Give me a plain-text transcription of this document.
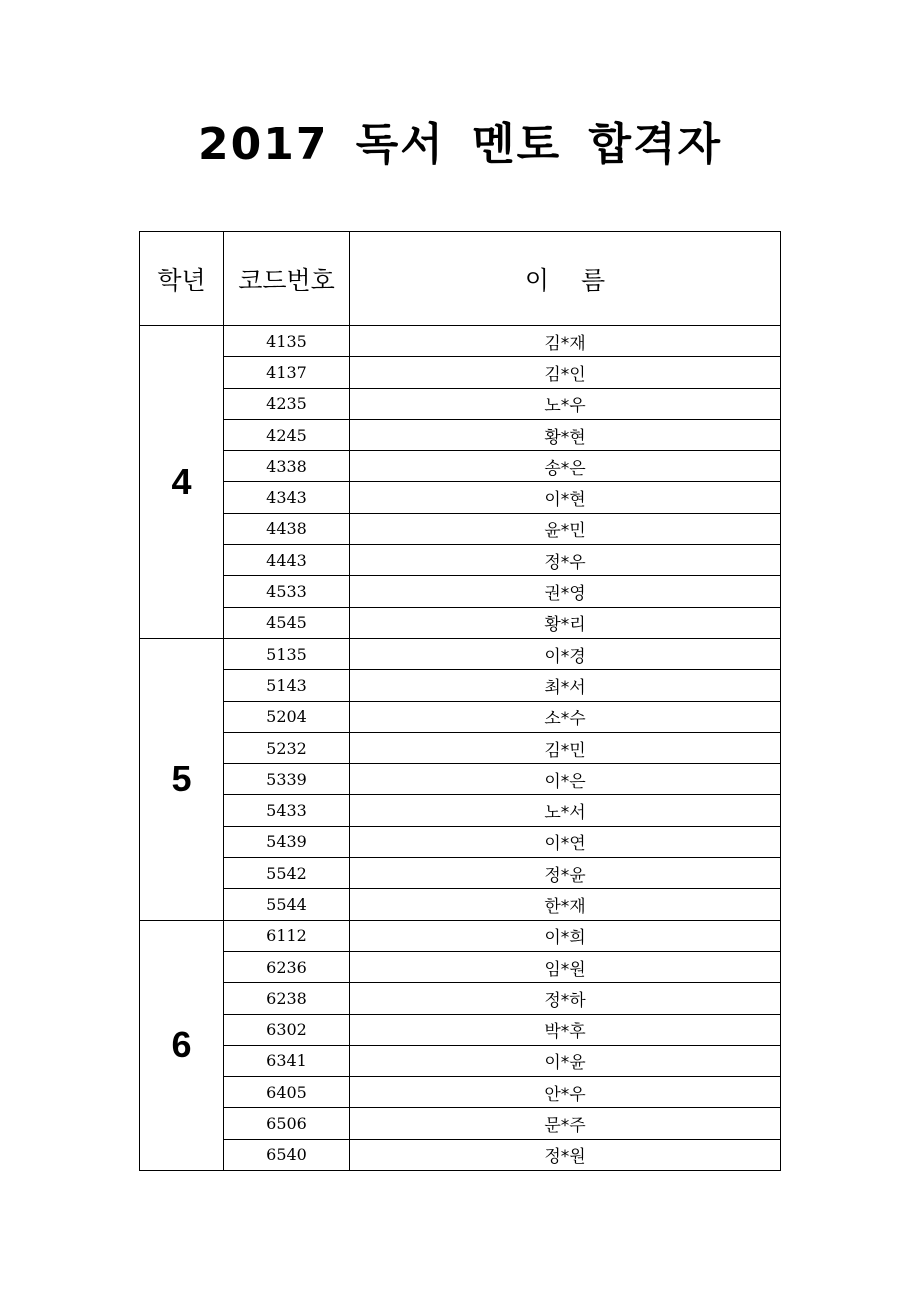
2017 독서 멘토 합격자
학년	코드번호	이 름
4	4135	김*재
	4137	김*인
	4235	노*우
	4245	황*현
	4338	송*은
	4343	이*현
	4438	윤*민
	4443	정*우
	4533	권*영
	4545	황*리
5	5135	이*경
	5143	최*서
	5204	소*수
	5232	김*민
	5339	이*은
	5433	노*서
	5439	이*연
	5542	정*윤
	5544	한*재
6	6112	이*희
	6236	임*원
	6238	정*하
	6302	박*후
	6341	이*윤
	6405	안*우
	6506	문*주
	6540	정*원
